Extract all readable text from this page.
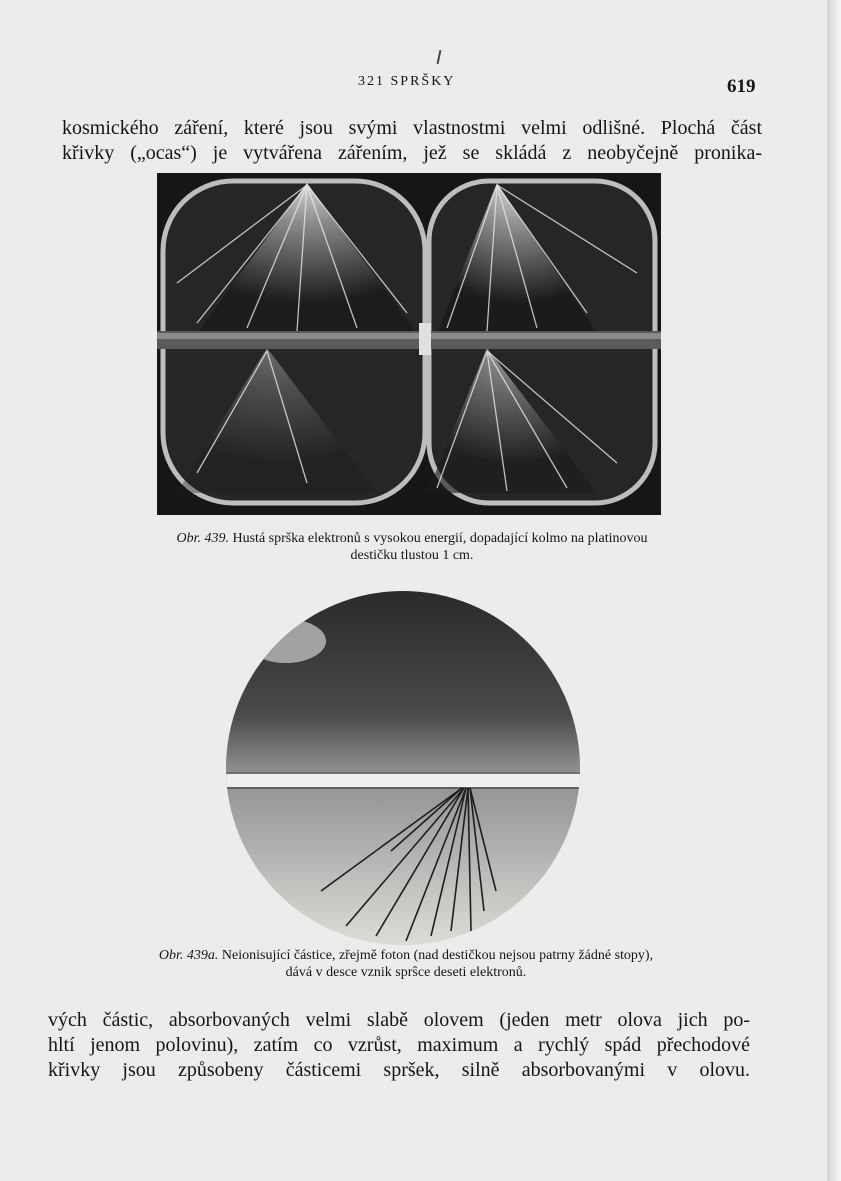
321 SPRŠKY	619
kosmického záření, které jsou svými vlastnostmi velmi odlišné. Plochá část
křivky („ocas“) je vytvářena zářením, jež se skládá z neobyčejně pronika-
Obr. 439. Hustá sprška elektronů s vysokou energií, dopadající kolmo na platinovou
destičku tlustou 1 cm.
Obr. 439a. Neionisující částice, zřejmě foton (nad destičkou nejsou patrny žádné stopy),
dává v desce vznik sprŝce deseti elektronů.
vých částic, absorbovaných velmi slabě olovem (jeden metr olova jich po-
hltí jenom polovinu), zatím co vzrůst, maximum a rychlý spád přechodové
křivky jsou způsobeny částicemi spršek, silně absorbovanými v olovu.
